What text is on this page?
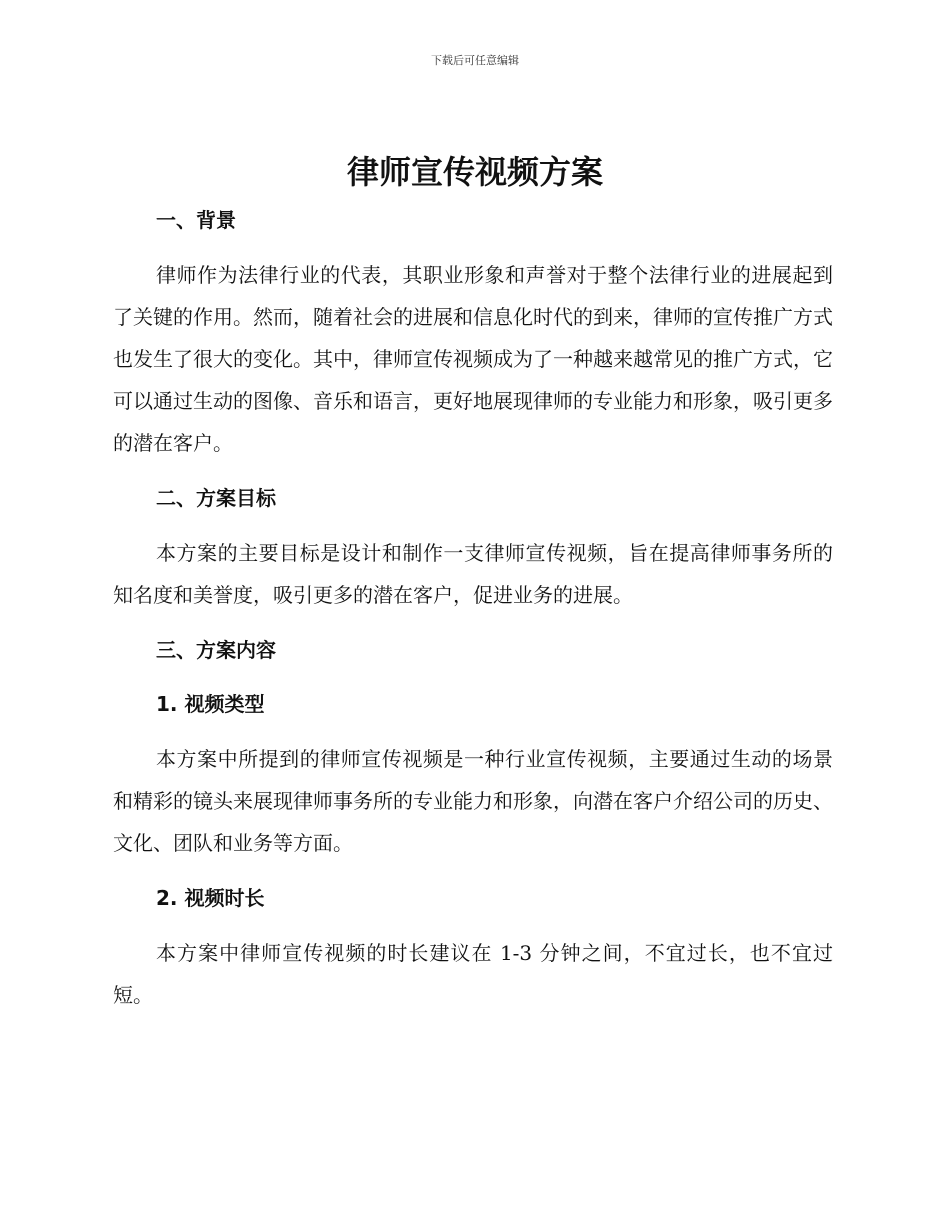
下载后可任意编辑
律师宣传视频方案
一、背景

律师作为法律行业的代表，其职业形象和声誉对于整个法律行业的进展起到了关键的作用。然而，随着社会的进展和信息化时代的到来，律师的宣传推广方式也发生了很大的变化。其中，律师宣传视频成为了一种越来越常见的推广方式，它可以通过生动的图像、音乐和语言，更好地展现律师的专业能力和形象，吸引更多的潜在客户。

二、方案目标

本方案的主要目标是设计和制作一支律师宣传视频，旨在提高律师事务所的知名度和美誉度，吸引更多的潜在客户，促进业务的进展。

三、方案内容
1. 视频类型

本方案中所提到的律师宣传视频是一种行业宣传视频，主要通过生动的场景和精彩的镜头来展现律师事务所的专业能力和形象，向潜在客户介绍公司的历史、文化、团队和业务等方面。

2. 视频时长

本方案中律师宣传视频的时长建议在 1-3 分钟之间，不宜过长，也不宜过短。
